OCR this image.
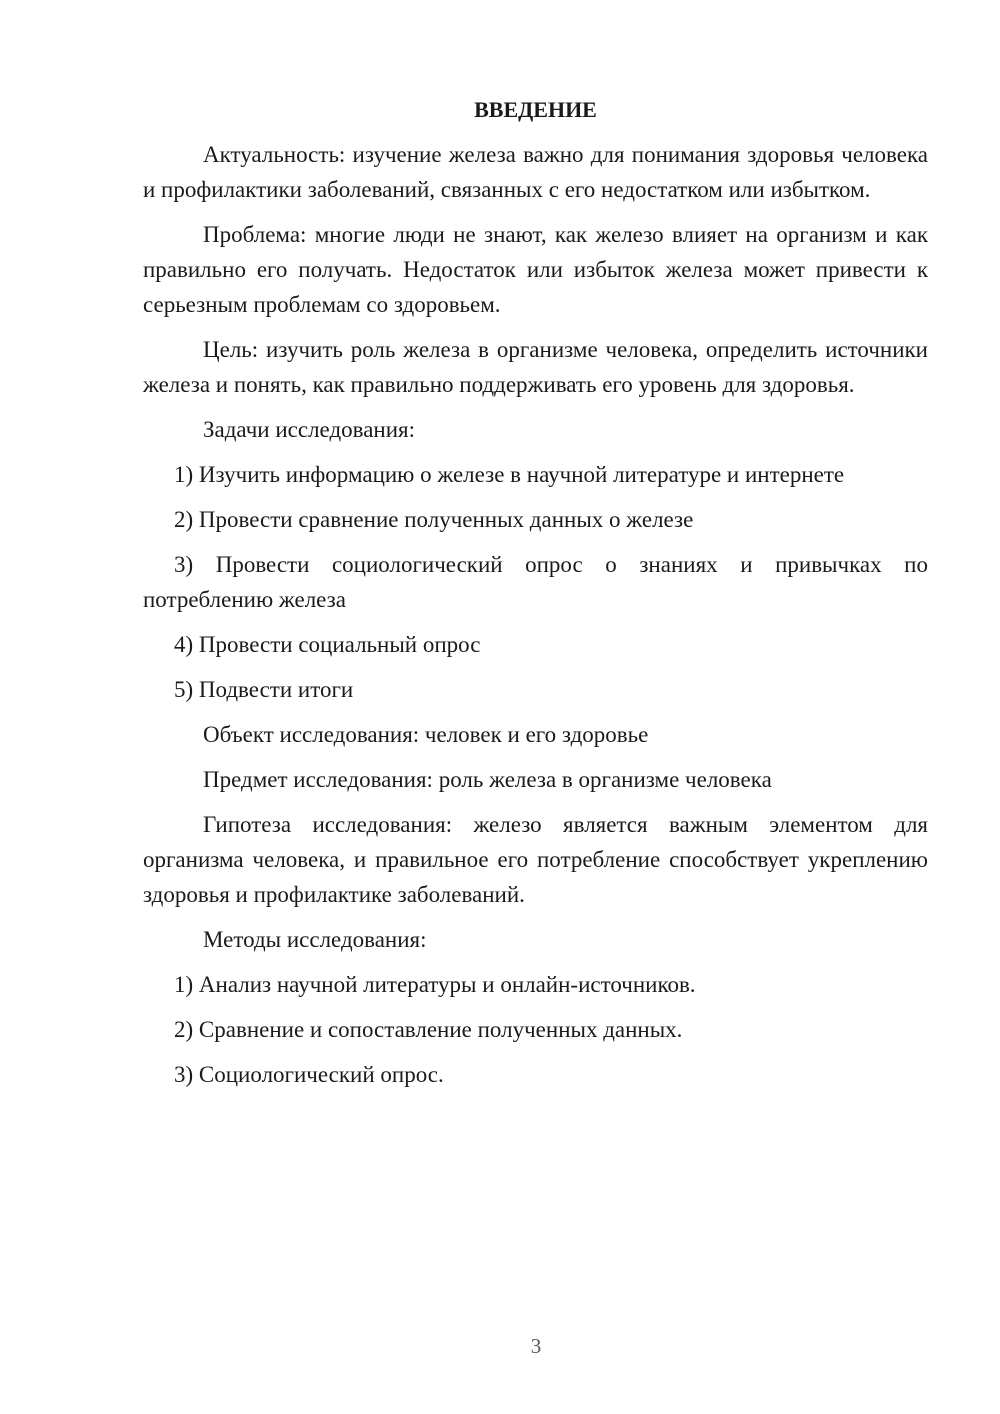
ВВЕДЕНИЕ

Актуальность: изучение железа важно для понимания здоровья человека и профилактики заболеваний, связанных с его недостатком или избытком.

Проблема: многие люди не знают, как железо влияет на организм и как правильно его получать. Недостаток или избыток железа может привести к серьезным проблемам со здоровьем.

Цель: изучить роль железа в организме человека, определить источники железа и понять, как правильно поддерживать его уровень для здоровья.

Задачи исследования:

1) Изучить информацию о железе в научной литературе и интернете

2) Провести сравнение полученных данных о железе

3) Провести социологический опрос о знаниях и привычках по потреблению железа

4) Провести социальный опрос

5) Подвести итоги

Объект исследования: человек и его здоровье

Предмет исследования: роль железа в организме человека

Гипотеза исследования: железо является важным элементом для организма человека, и правильное его потребление способствует укреплению здоровья и профилактике заболеваний.

Методы исследования:

1) Анализ научной литературы и онлайн-источников.

2) Сравнение и сопоставление полученных данных.

3) Социологический опрос.

3
